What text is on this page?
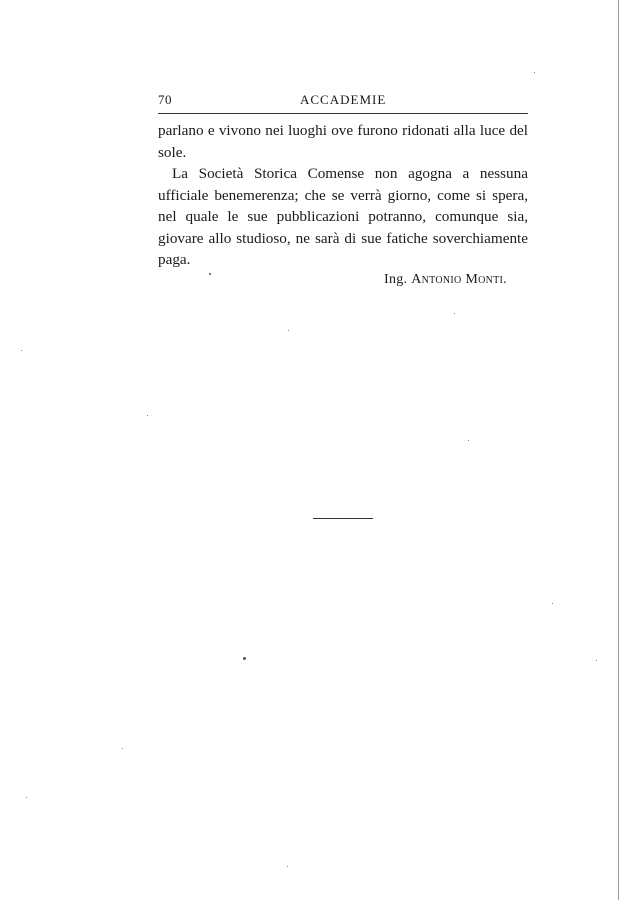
70	ACCADEMIE

parlano e vivono nei luoghi ove furono ridonati alla luce del sole.

La Società Storica Comense non agogna a nessuna ufficiale benemerenza; che se verrà giorno, come si spera, nel quale le sue pubblicazioni potranno, comunque sia, giovare allo studioso, ne sarà di sue fatiche soverchiamente paga.

Ing. Antonio Monti.
